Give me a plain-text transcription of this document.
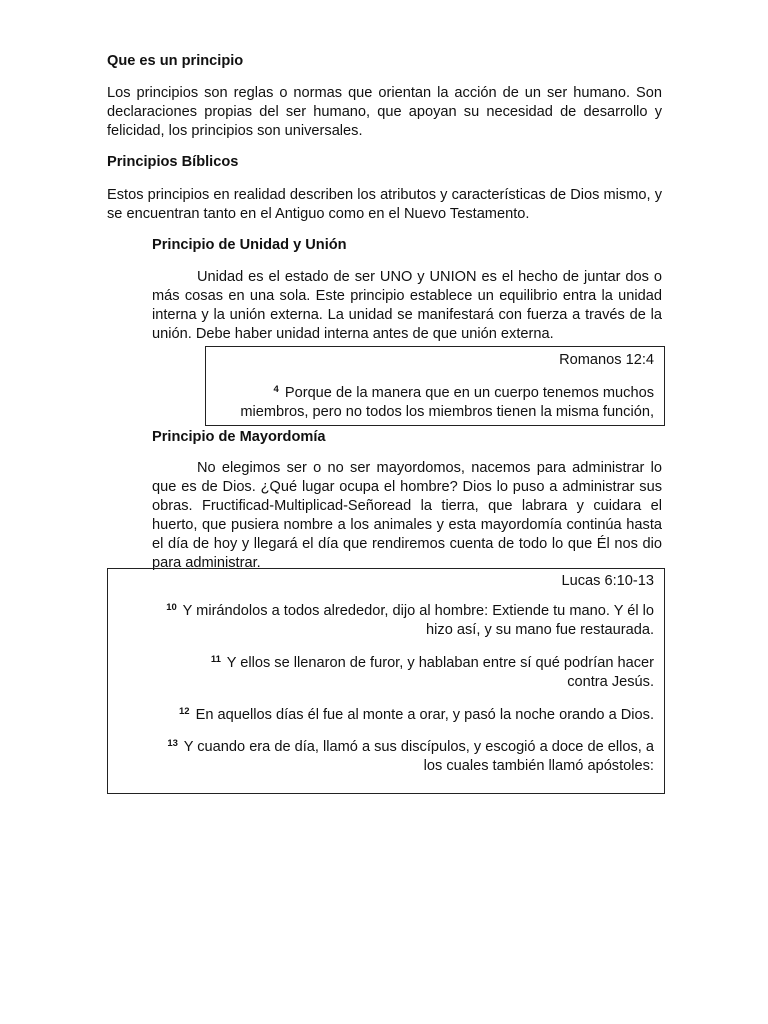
Que es un principio

Los principios son reglas o normas que orientan la acción de un ser humano. Son declaraciones propias del ser humano, que apoyan su necesidad de desarrollo y felicidad, los principios son universales.

Principios Bíblicos

Estos principios en realidad describen los atributos y características de Dios mismo, y se encuentran tanto en el Antiguo como en el Nuevo Testamento.

Principio de Unidad y Unión

Unidad es el estado de ser UNO y UNION es el hecho de juntar dos o más cosas en una sola. Este principio establece un equilibrio entra la unidad interna y la unión externa. La unidad se manifestará con fuerza a través de la unión. Debe haber unidad interna antes de que unión externa.

Romanos 12:4

$^4$ Porque de la manera que en un cuerpo tenemos muchos miembros, pero no todos los miembros tienen la misma función,

Principio de Mayordomía

No elegimos ser o no ser mayordomos, nacemos para administrar lo que es de Dios. ¿Qué lugar ocupa el hombre? Dios lo puso a administrar sus obras. Fructificad-Multiplicad-Señoread la tierra, que labrara y cuidara el huerto, que pusiera nombre a los animales y esta mayordomía continúa hasta el día de hoy y llegará el día que rendiremos cuenta de todo lo que Él nos dio para administrar.

Lucas 6:10-13

$^{10}$ Y mirándolos a todos alrededor, dijo al hombre: Extiende tu mano. Y él lo hizo así, y su mano fue restaurada.

$^{11}$ Y ellos se llenaron de furor, y hablaban entre sí qué podrían hacer contra Jesús.

$^{12}$ En aquellos días él fue al monte a orar, y pasó la noche orando a Dios.

$^{13}$ Y cuando era de día, llamó a sus discípulos, y escogió a doce de ellos, a los cuales también llamó apóstoles:
